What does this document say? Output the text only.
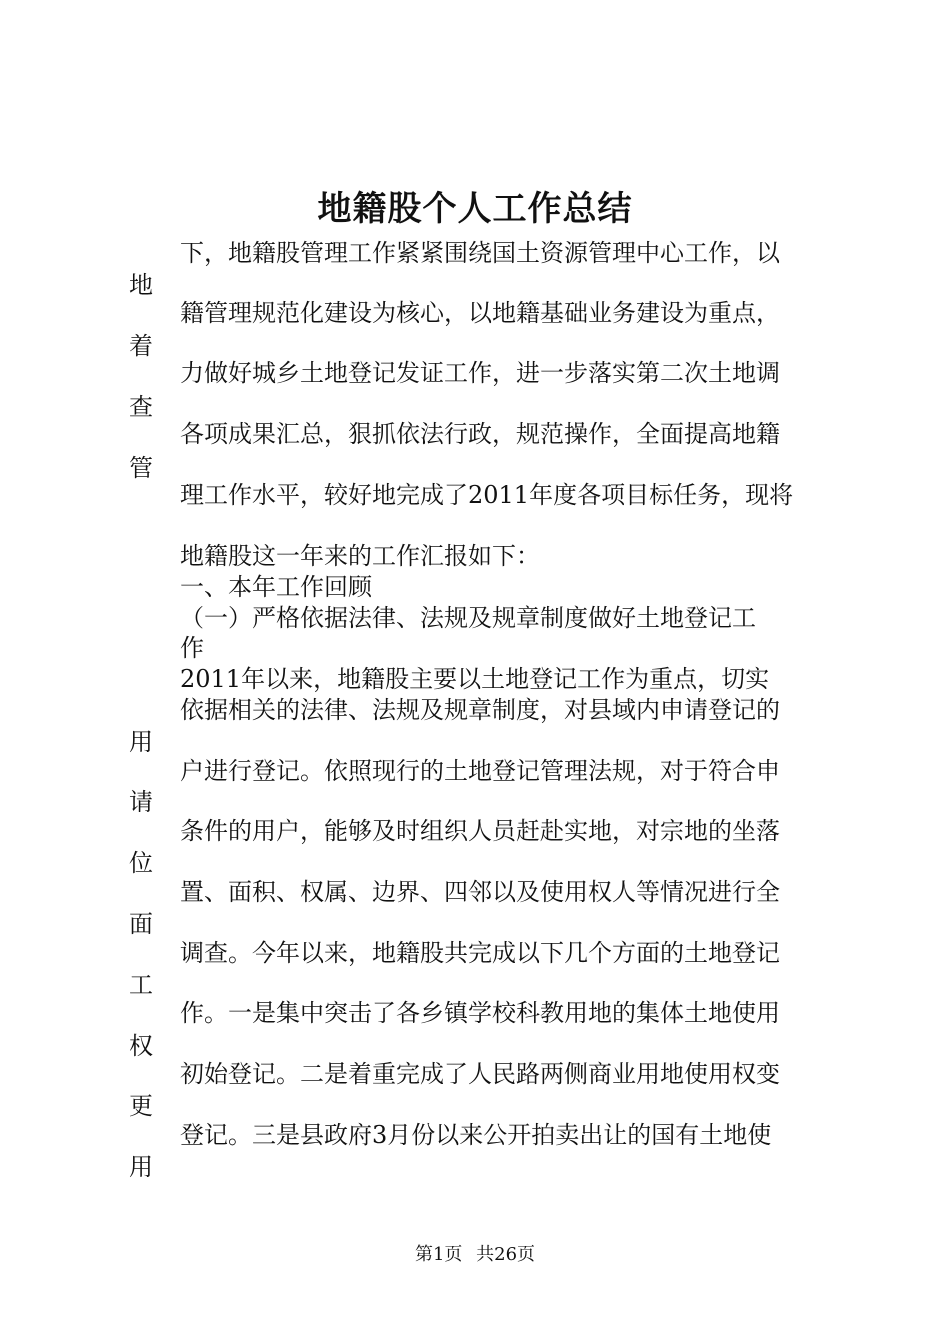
地籍股个人工作总结
下，地籍股管理工作紧紧围绕国土资源管理中心工作，以
籍管理规范化建设为核心，以地籍基础业务建设为重点，
力做好城乡土地登记发证工作，进一步落实第二次土地调
各项成果汇总，狠抓依法行政，规范操作，全面提高地籍
理工作水平，较好地完成了2011年度各项目标任务，现将
地籍股这一年来的工作汇报如下：
一、本年工作回顾
（一）严格依据法律、法规及规章制度做好土地登记工
作
2011年以来，地籍股主要以土地登记工作为重点，切实
依据相关的法律、法规及规章制度，对县域内申请登记的
户进行登记。依照现行的土地登记管理法规，对于符合申
条件的用户，能够及时组织人员赶赴实地，对宗地的坐落
置、面积、权属、边界、四邻以及使用权人等情况进行全
调查。今年以来，地籍股共完成以下几个方面的土地登记
作。一是集中突击了各乡镇学校科教用地的集体土地使用
初始登记。二是着重完成了人民路两侧商业用地使用权变
登记。三是县政府3月份以来公开拍卖出让的国有土地使
地
着
查
管
用
请
位
面
工
权
更
用
第1页 共26页
